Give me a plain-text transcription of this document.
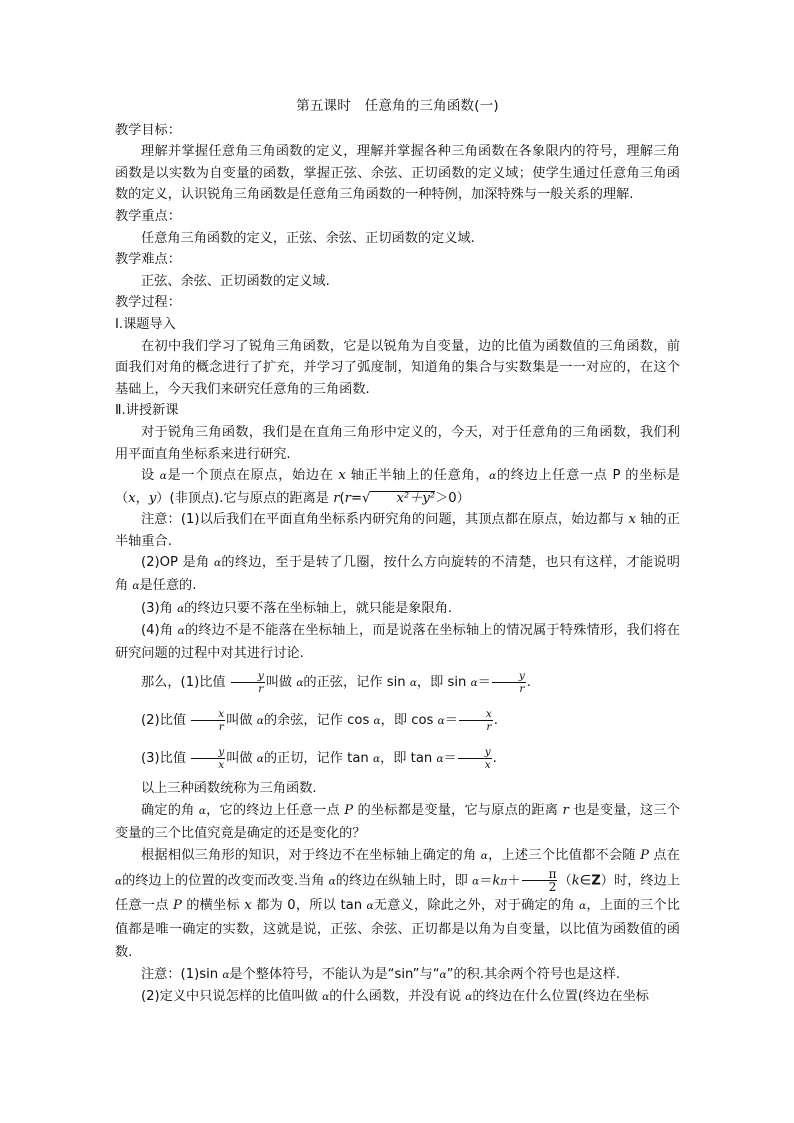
第五课时　任意角的三角函数(一)

教学目标：

理解并掌握任意角三角函数的定义，理解并掌握各种三角函数在各象限内的符号，理解三角函数是以实数为自变量的函数，掌握正弦、余弦、正切函数的定义域；使学生通过任意角三角函数的定义，认识锐角三角函数是任意角三角函数的一种特例，加深特殊与一般关系的理解.

教学重点：

任意角三角函数的定义，正弦、余弦、正切函数的定义域.

教学难点：

正弦、余弦、正切函数的定义域.

教学过程：

Ⅰ.课题导入

在初中我们学习了锐角三角函数，它是以锐角为自变量，边的比值为函数值的三角函数，前面我们对角的概念进行了扩充，并学习了弧度制，知道角的集合与实数集是一一对应的，在这个基础上，今天我们来研究任意角的三角函数.

Ⅱ.讲授新课

对于锐角三角函数，我们是在直角三角形中定义的，今天，对于任意角的三角函数，我们利用平面直角坐标系来进行研究.

设 α是一个顶点在原点，始边在 x 轴正半轴上的任意角，α的终边上任意一点 P 的坐标是（x，y）(非顶点).它与原点的距离是 r(r=√ x²＋y²＞0）

注意：(1)以后我们在平面直角坐标系内研究角的问题，其顶点都在原点，始边都与 x 轴的正半轴重合.

(2)OP 是角 α的终边，至于是转了几圈，按什么方向旋转的不清楚，也只有这样，才能说明角 α是任意的.

(3)角 α的终边只要不落在坐标轴上，就只能是象限角.

(4)角 α的终边不是不能落在坐标轴上，而是说落在坐标轴上的情况属于特殊情形，我们将在研究问题的过程中对其进行讨论.

那么，(1)比值 $\frac{y}{r}$ 叫做 α的正弦，记作 sin α，即 $\sin \alpha= \frac{y}{r}$ .

(2)比值 $\frac{x}{r}$ 叫做 α的余弦，记作 cos α，即 $\cos \alpha= \frac{x}{r}$ .

(3)比值 $\frac{y}{x}$ 叫做 α的正切，记作 tan α，即 $\tan \alpha= \frac{y}{x}$ .

以上三种函数统称为三角函数.

确定的角 α，它的终边上任意一点 P 的坐标都是变量，它与原点的距离 r 也是变量，这三个变量的三个比值究竟是确定的还是变化的？

根据相似三角形的知识，对于终边不在坐标轴上确定的角 α，上述三个比值都不会随 P 点在 α的终边上的位置的改变而改变.当角 α的终边在纵轴上时，即 $\alpha=k\pi+ \frac{\pi}{2}$ （k∈Z）时，终边上任意一点 P 的横坐标 x 都为 0，所以 tan α无意义，除此之外，对于确定的角 α，上面的三个比值都是唯一确定的实数，这就是说，正弦、余弦、正切都是以角为自变量，以比值为函数值的函数.

注意：(1)sin α是个整体符号，不能认为是“sin”与“α”的积.其余两个符号也是这样.

(2)定义中只说怎样的比值叫做 α的什么函数，并没有说 α的终边在什么位置(终边在坐标
